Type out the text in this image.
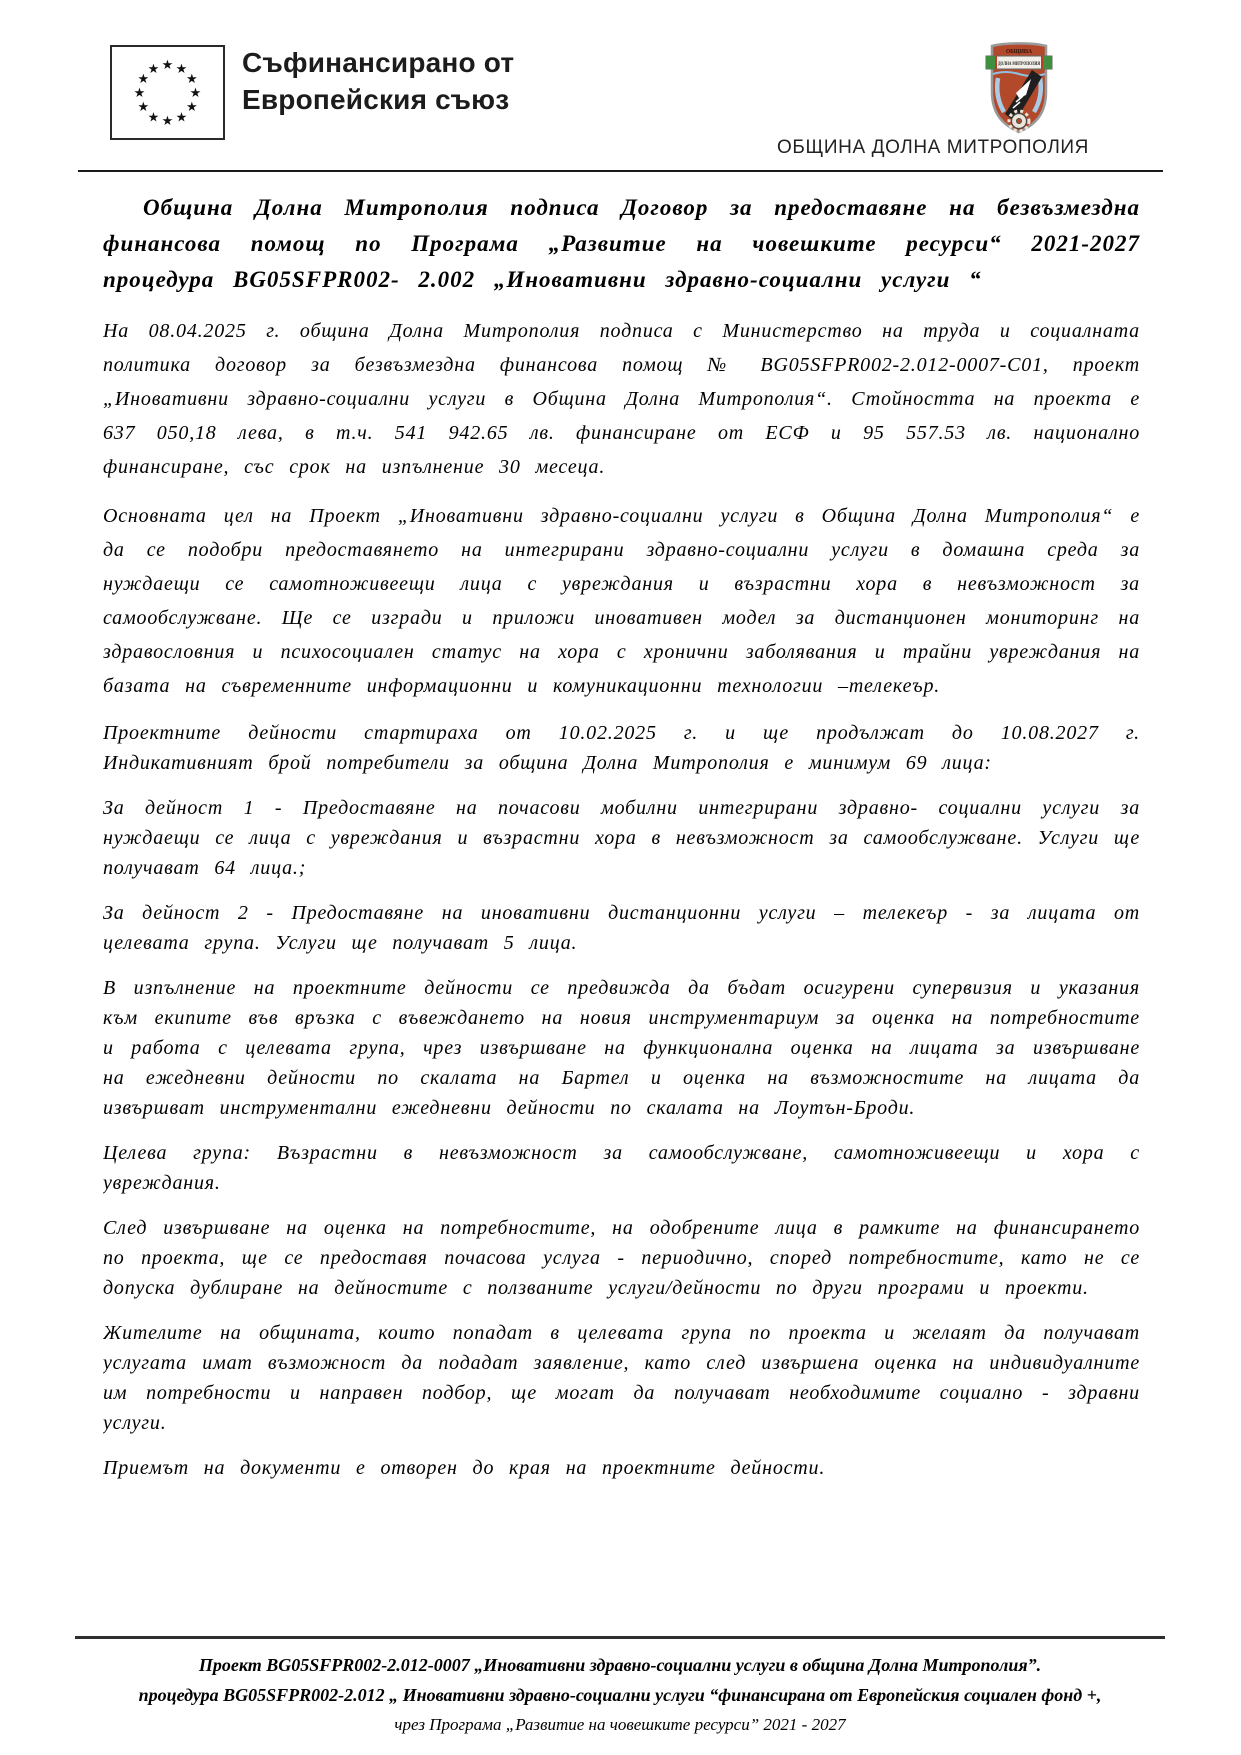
★ ★
★
★
★
★
★
★
★
★
★
★	Съфинансирано от
Европейския съюз
ОБЩИНА
ДОЛНА МИТРОПОЛИЯ
ОБЩИНА ДОЛНА МИТРОПОЛИЯ
Община Долна Митрополия подписа Договор за предоставяне на безвъзмездна финансова помощ по Програма „Развитие на човешките ресурси“ 2021-2027 процедура BG05SFPR002- 2.002 „Иновативни здравно-социални услуги “

На 08.04.2025 г. община Долна Митрополия подписа с Министерство на труда и социалната политика договор за безвъзмездна финансова помощ № BG05SFPR002-2.012-0007-С01, проект „Иновативни здравно-социални услуги в Община Долна Митрополия“. Стойността на проекта е 637 050,18 лева, в т.ч. 541 942.65 лв. финансиране от ЕСФ и 95 557.53 лв. национално финансиране, със срок на изпълнение 30 месеца.

Основната цел на Проект „Иновативни здравно-социални услуги в Община Долна Митрополия“ е да се подобри предоставянето на интегрирани здравно-социални услуги в домашна среда за нуждаещи се самотноживеещи лица с увреждания и възрастни хора в невъзможност за самообслужване. Ще се изгради и приложи иновативен модел за дистанционен мониторинг на здравословния и психосоциален статус на хора с хронични заболявания и трайни увреждания на базата на съвременните информационни и комуникационни технологии –телекеър.

Проектните дейности стартираха от 10.02.2025 г. и ще продължат до 10.08.2027 г. Индикативният брой потребители за община Долна Митрополия е минимум 69 лица:

За дейност 1 - Предоставяне на почасови мобилни интегрирани здравно- социални услуги за нуждаещи се лица с увреждания и възрастни хора в невъзможност за самообслужване. Услуги ще получават 64 лица.;

За дейност 2 - Предоставяне на иновативни дистанционни услуги – телекеър - за лицата от целевата група. Услуги ще получават 5 лица.

В изпълнение на проектните дейности се предвижда да бъдат осигурени супервизия и указания към екипите във връзка с въвеждането на новия инструментариум за оценка на потребностите и работа с целевата група, чрез извършване на функционална оценка на лицата за извършване на ежедневни дейности по скалата на Бартел и оценка на възможностите на лицата да извършват инструментални ежедневни дейности по скалата на Лоутън-Броди.

Целева група: Възрастни в невъзможност за самообслужване, самотноживеещи и хора с увреждания.

След извършване на оценка на потребностите, на одобрените лица в рамките на финансирането по проекта, ще се предоставя почасова услуга - периодично, според потребностите, като не се допуска дублиране на дейностите с ползваните услуги/дейности по други програми и проекти.

Жителите на общината, които попадат в целевата група по проекта и желаят да получават услугата имат възможност да подадат заявление, като след извършена оценка на индивидуалните им потребности и направен подбор, ще могат да получават необходимите социално - здравни услуги.

Приемът на документи е отворен до края на проектните дейности.

Проект BG05SFPR002-2.012-0007 „Иновативни здравно-социални услуги в община Долна Митрополия”.
процедура BG05SFPR002-2.012 „ Иновативни здравно-социални услуги “финансирана от Европейския социален фонд +,
чрез Програма „Развитие на човешките ресурси” 2021 - 2027
